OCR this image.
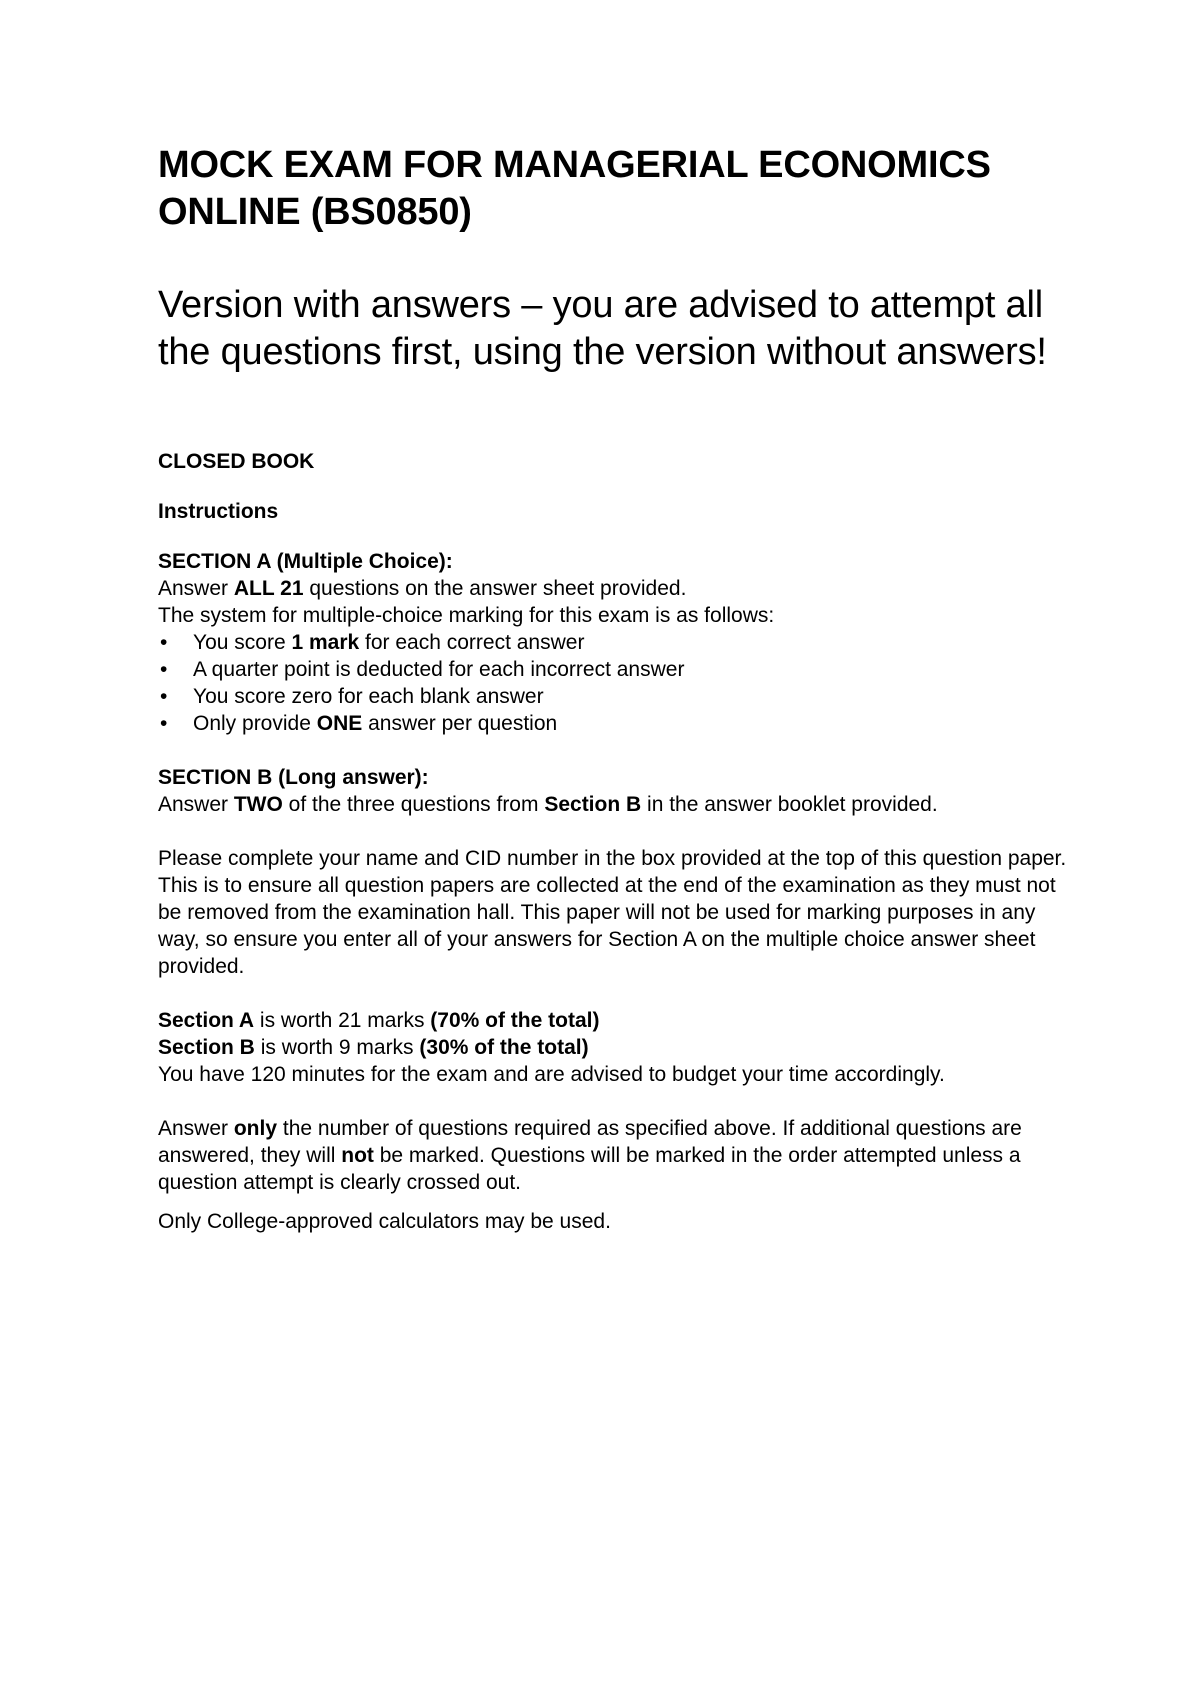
MOCK EXAM FOR MANAGERIAL ECONOMICS ONLINE (BS0850)
Version with answers – you are advised to attempt all the questions first, using the version without answers!
CLOSED BOOK
Instructions
SECTION A (Multiple Choice):
Answer ALL 21 questions on the answer sheet provided.
The system for multiple-choice marking for this exam is as follows:
• You score 1 mark for each correct answer
• A quarter point is deducted for each incorrect answer
• You score zero for each blank answer
• Only provide ONE answer per question
SECTION B (Long answer):
Answer TWO of the three questions from Section B in the answer booklet provided.
Please complete your name and CID number in the box provided at the top of this question paper. This is to ensure all question papers are collected at the end of the examination as they must not be removed from the examination hall. This paper will not be used for marking purposes in any way, so ensure you enter all of your answers for Section A on the multiple choice answer sheet provided.
Section A is worth 21 marks (70% of the total)
Section B is worth 9 marks (30% of the total)
You have 120 minutes for the exam and are advised to budget your time accordingly.
Answer only the number of questions required as specified above. If additional questions are answered, they will not be marked. Questions will be marked in the order attempted unless a question attempt is clearly crossed out.
Only College-approved calculators may be used.
